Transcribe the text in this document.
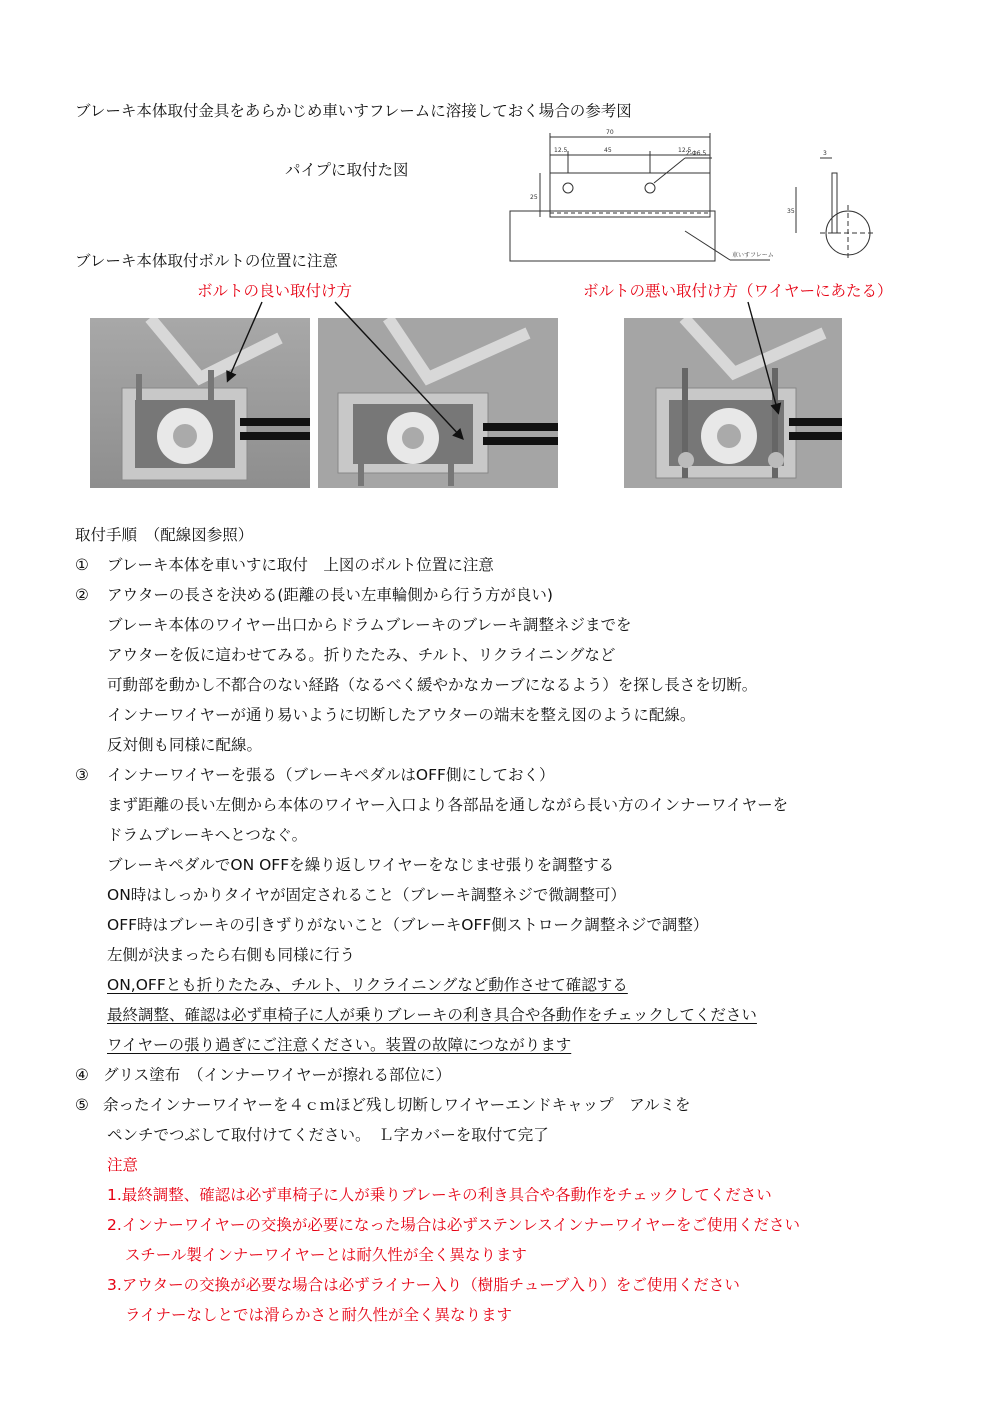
ブレーキ本体取付金具をあらかじめ車いすフレームに溶接しておく場合の参考図
パイプに取付た図
70
12.5	45	12.5
2-Φ6.5
25
車いすフレーム
3
35
ブレーキ本体取付ボルトの位置に注意
ボルトの良い取付け方	ボルトの悪い取付け方（ワイヤーにあたる）
取付手順　（配線図参照）
① ブレーキ本体を車いすに取付　上図のボルト位置に注意
② アウターの長さを決める(距離の長い左車輪側から行う方が良い)
ブレーキ本体のワイヤー出口からドラムブレーキのブレーキ調整ネジまでを
アウターを仮に這わせてみる。折りたたみ、チルト、リクライニングなど
可動部を動かし不都合のない経路（なるべく緩やかなカーブになるよう）を探し長さを切断。
インナーワイヤーが通り易いように切断したアウターの端末を整え図のように配線。
反対側も同様に配線。
③ インナーワイヤーを張る（ブレーキペダルはOFF側にしておく）
まず距離の長い左側から本体のワイヤー入口より各部品を通しながら長い方のインナーワイヤーを
ドラムブレーキへとつなぐ。
ブレーキペダルでON OFFを繰り返しワイヤーをなじませ張りを調整する
ON時はしっかりタイヤが固定されること（ブレーキ調整ネジで微調整可）
OFF時はブレーキの引きずりがないこと（ブレーキOFF側ストローク調整ネジで調整）
左側が決まったら右側も同様に行う
ON,OFFとも折りたたみ、チルト、リクライニングなど動作させて確認する
最終調整、確認は必ず車椅子に人が乗りブレーキの利き具合や各動作をチェックしてください
ワイヤーの張り過ぎにご注意ください。装置の故障につながります
④ グリス塗布　（インナーワイヤーが擦れる部位に）
⑤ 余ったインナーワイヤーを４ｃｍほど残し切断しワイヤーエンドキャップ　アルミを
ペンチでつぶして取付けてください。　Ｌ字カバーを取付て完了
注意
1.最終調整、確認は必ず車椅子に人が乗りブレーキの利き具合や各動作をチェックしてください
2.インナーワイヤーの交換が必要になった場合は必ずステンレスインナーワイヤーをご使用ください
スチール製インナーワイヤーとは耐久性が全く異なります
3.アウターの交換が必要な場合は必ずライナー入り（樹脂チューブ入り）をご使用ください
ライナーなしとでは滑らかさと耐久性が全く異なります
